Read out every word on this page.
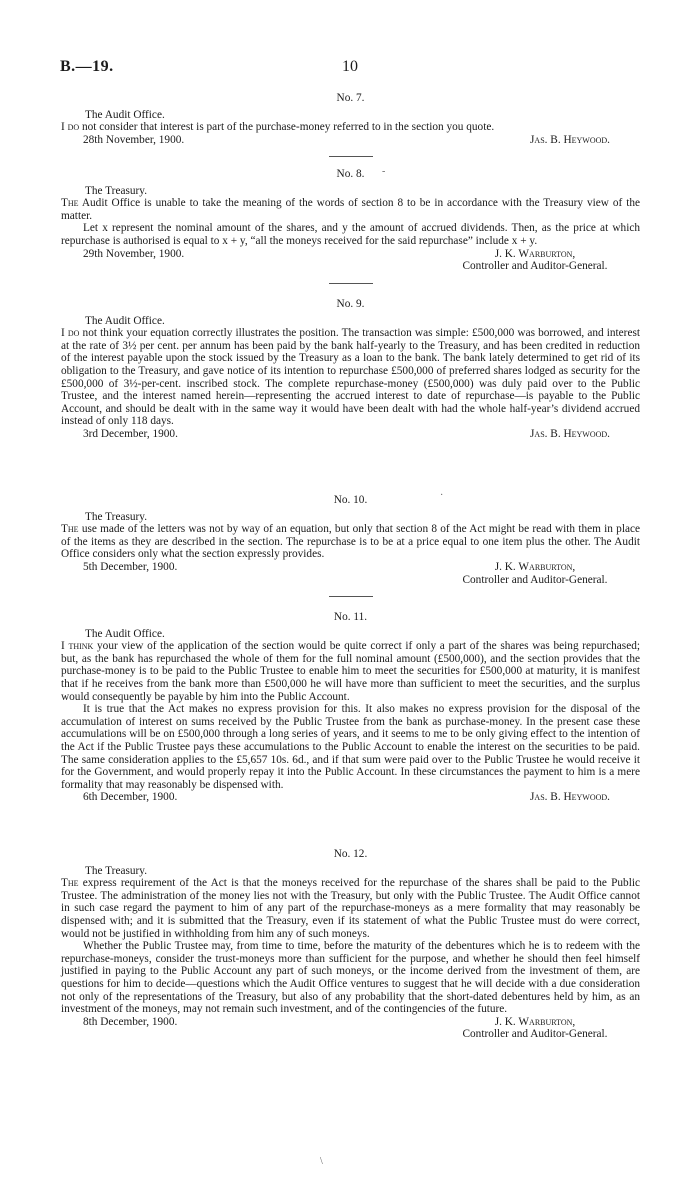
B.—19.	10
No. 7.
The Audit Office.
I do not consider that interest is part of the purchase-money referred to in the section you quote.
28th November, 1900.	Jas. B. Heywood.
No. 8.
The Treasury.
The Audit Office is unable to take the meaning of the words of section 8 to be in accordance with the Treasury view of the matter.
Let x represent the nominal amount of the shares, and y the amount of accrued dividends. Then, as the price at which repurchase is authorised is equal to x + y, “all the moneys received for the said repurchase” include x + y.
29th November, 1900.	J. K. Warburton,
Controller and Auditor-General.
No. 9.
The Audit Office.
I do not think your equation correctly illustrates the position. The transaction was simple: £500,000 was borrowed, and interest at the rate of 3½ per cent. per annum has been paid by the bank half-yearly to the Treasury, and has been credited in reduction of the interest payable upon the stock issued by the Treasury as a loan to the bank. The bank lately determined to get rid of its obligation to the Treasury, and gave notice of its intention to repurchase £500,000 of preferred shares lodged as security for the £500,000 of 3½-per-cent. inscribed stock. The complete repurchase-money (£500,000) was duly paid over to the Public Trustee, and the interest named herein—representing the accrued interest to date of repurchase—is payable to the Public Account, and should be dealt with in the same way it would have been dealt with had the whole half-year’s dividend accrued instead of only 118 days.
3rd December, 1900.	Jas. B. Heywood.
No. 10.
The Treasury.
The use made of the letters was not by way of an equation, but only that section 8 of the Act might be read with them in place of the items as they are described in the section. The repurchase is to be at a price equal to one item plus the other. The Audit Office considers only what the section expressly provides.
5th December, 1900.	J. K. Warburton,
Controller and Auditor-General.
No. 11.
The Audit Office.
I think your view of the application of the section would be quite correct if only a part of the shares was being repurchased; but, as the bank has repurchased the whole of them for the full nominal amount (£500,000), and the section provides that the purchase-money is to be paid to the Public Trustee to enable him to meet the securities for £500,000 at maturity, it is manifest that if he receives from the bank more than £500,000 he will have more than sufficient to meet the securities, and the surplus would consequently be payable by him into the Public Account.
It is true that the Act makes no express provision for this. It also makes no express provision for the disposal of the accumulation of interest on sums received by the Public Trustee from the bank as purchase-money. In the present case these accumulations will be on £500,000 through a long series of years, and it seems to me to be only giving effect to the intention of the Act if the Public Trustee pays these accumulations to the Public Account to enable the interest on the securities to be paid. The same consideration applies to the £5,657 10s. 6d., and if that sum were paid over to the Public Trustee he would receive it for the Government, and would properly repay it into the Public Account. In these circumstances the payment to him is a mere formality that may reasonably be dispensed with.
6th December, 1900.	Jas. B. Heywood.
No. 12.
The Treasury.
The express requirement of the Act is that the moneys received for the repurchase of the shares shall be paid to the Public Trustee. The administration of the money lies not with the Treasury, but only with the Public Trustee. The Audit Office cannot in such case regard the payment to him of any part of the repurchase-moneys as a mere formality that may reasonably be dispensed with; and it is submitted that the Treasury, even if its statement of what the Public Trustee must do were correct, would not be justified in withholding from him any of such moneys.
Whether the Public Trustee may, from time to time, before the maturity of the debentures which he is to redeem with the repurchase-moneys, consider the trust-moneys more than sufficient for the purpose, and whether he should then feel himself justified in paying to the Public Account any part of such moneys, or the income derived from the investment of them, are questions for him to decide—questions which the Audit Office ventures to suggest that he will decide with a due consideration not only of the representations of the Treasury, but also of any probability that the short-dated debentures held by him, as an investment of the moneys, may not remain such investment, and of the contingencies of the future.
8th December, 1900.	J. K. Warburton,
Controller and Auditor-General.
-
·
\
